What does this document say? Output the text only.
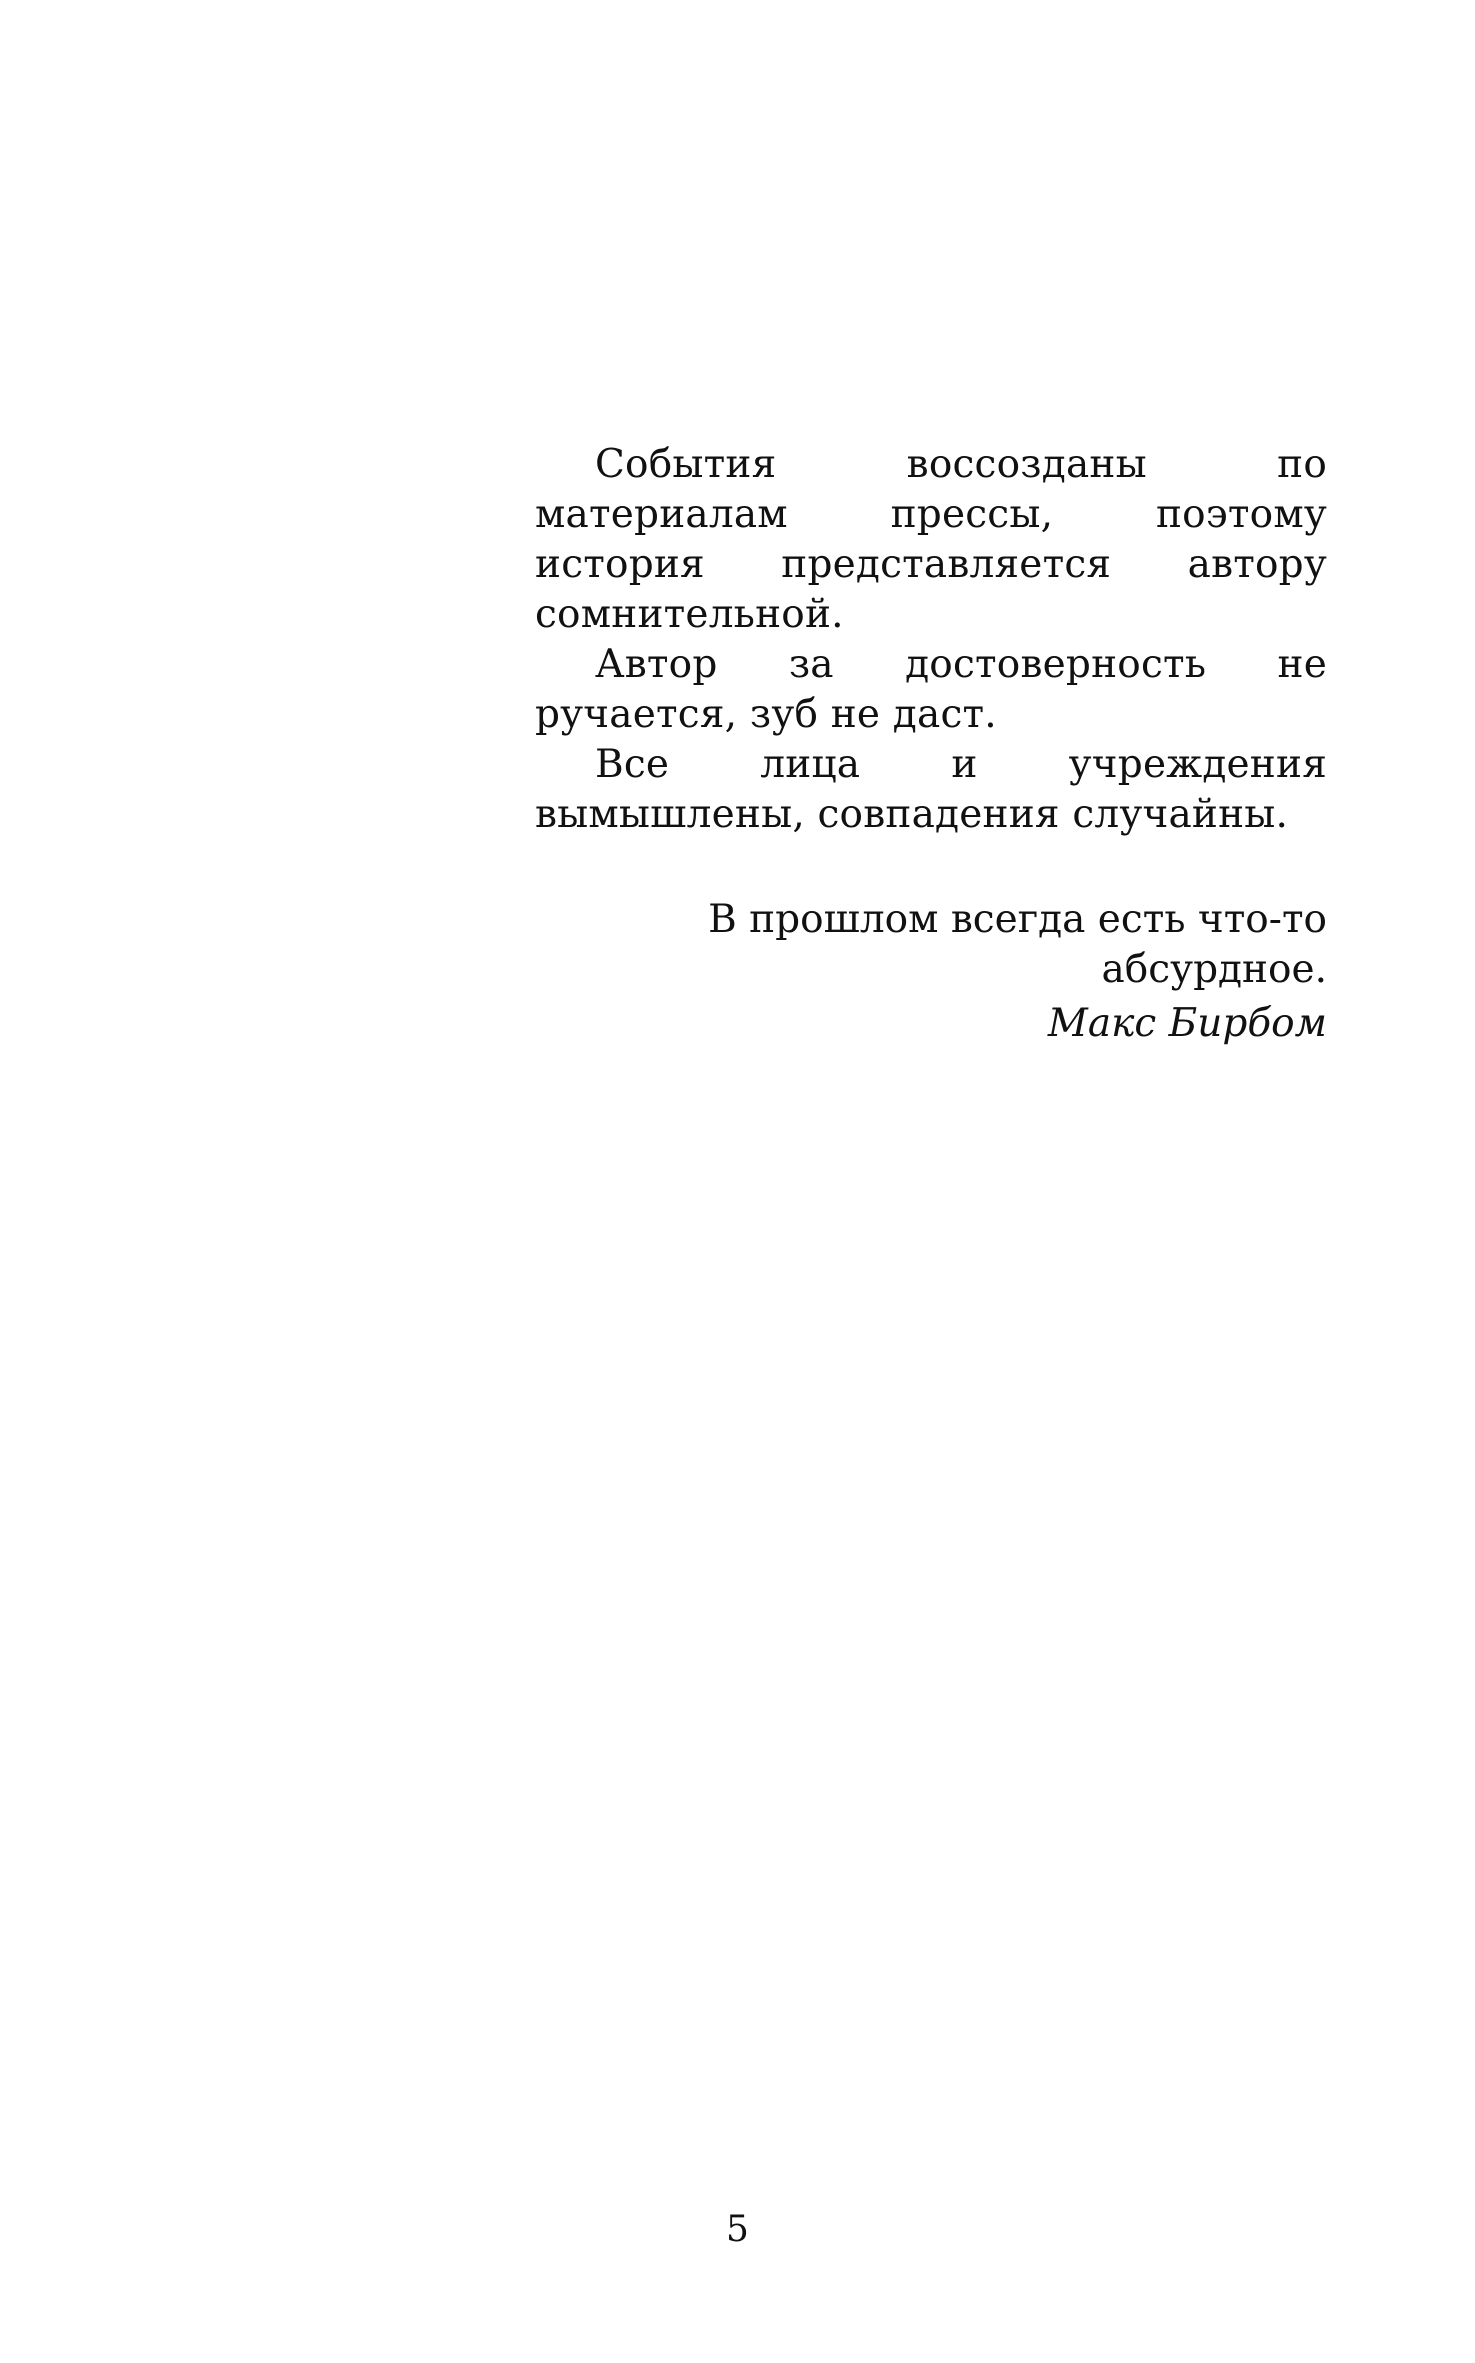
События воссозданы по материалам прессы, поэтому история представляется автору сомнительной.

Автор за достоверность не ручается, зуб не даст.

Все лица и учреждения вымышлены, совпадения случайны.

В прошлом всегда есть что-то абсурдное.
Макс Бирбом
5
